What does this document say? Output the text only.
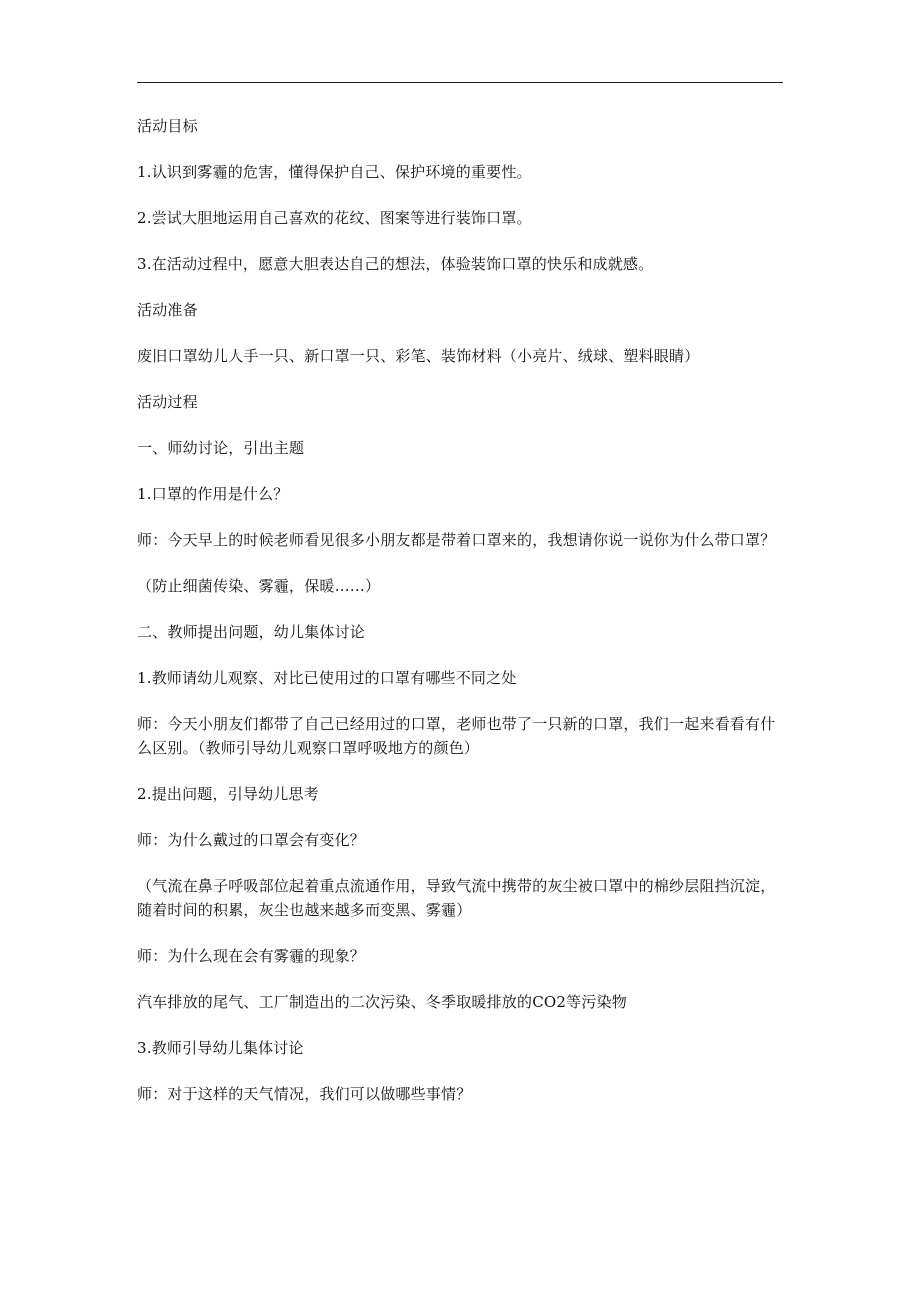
活动目标

1.认识到雾霾的危害，懂得保护自己、保护环境的重要性。

2.尝试大胆地运用自己喜欢的花纹、图案等进行装饰口罩。

3.在活动过程中，愿意大胆表达自己的想法，体验装饰口罩的快乐和成就感。

活动准备

废旧口罩幼儿人手一只、新口罩一只、彩笔、装饰材料（小亮片、绒球、塑料眼睛）

活动过程

一、师幼讨论，引出主题

1.口罩的作用是什么？

师：今天早上的时候老师看见很多小朋友都是带着口罩来的，我想请你说一说你为什么带口罩？

（防止细菌传染、雾霾，保暖……）

二、教师提出问题，幼儿集体讨论

1.教师请幼儿观察、对比已使用过的口罩有哪些不同之处

师：今天小朋友们都带了自己已经用过的口罩，老师也带了一只新的口罩，我们一起来看看有什么区别。（教师引导幼儿观察口罩呼吸地方的颜色）

2.提出问题，引导幼儿思考

师：为什么戴过的口罩会有变化？

（气流在鼻子呼吸部位起着重点流通作用，导致气流中携带的灰尘被口罩中的棉纱层阻挡沉淀，随着时间的积累，灰尘也越来越多而变黑、雾霾）

师：为什么现在会有雾霾的现象？

汽车排放的尾气、工厂制造出的二次污染、冬季取暖排放的CO2等污染物

3.教师引导幼儿集体讨论

师：对于这样的天气情况，我们可以做哪些事情？
